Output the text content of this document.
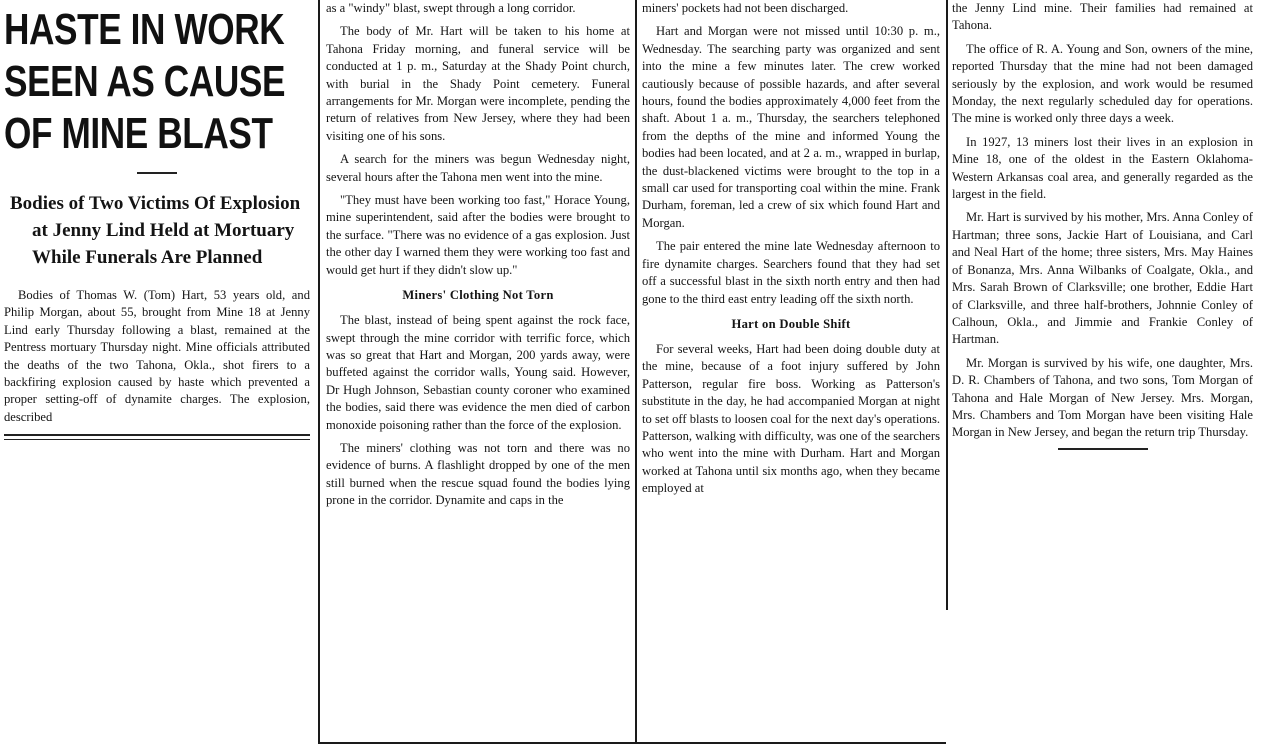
HASTE IN WORK SEEN AS CAUSE OF MINE BLAST
Bodies of Two Victims Of Explosion at Jenny Lind Held at Mortuary While Funerals Are Planned

Bodies of Thomas W. (Tom) Hart, 53 years old, and Philip Morgan, about 55, brought from Mine 18 at Jenny Lind early Thursday following a blast, remained at the Pentress mortuary Thursday night. Mine officials attributed the deaths of the two Tahona, Okla., shot firers to a backfiring explosion caused by haste which prevented a proper setting-off of dynamite charges. The explosion, described

as a "windy" blast, swept through a long corridor.

The body of Mr. Hart will be taken to his home at Tahona Friday morning, and funeral service will be conducted at 1 p. m., Saturday at the Shady Point church, with burial in the Shady Point cemetery. Funeral arrangements for Mr. Morgan were incomplete, pending the return of relatives from New Jersey, where they had been visiting one of his sons.

A search for the miners was begun Wednesday night, several hours after the Tahona men went into the mine.

"They must have been working too fast," Horace Young, mine superintendent, said after the bodies were brought to the surface. "There was no evidence of a gas explosion. Just the other day I warned them they were working too fast and would get hurt if they didn't slow up."

Miners' Clothing Not Torn

The blast, instead of being spent against the rock face, swept through the mine corridor with terrific force, which was so great that Hart and Morgan, 200 yards away, were buffeted against the corridor walls, Young said. However, Dr Hugh Johnson, Sebastian county coroner who examined the bodies, said there was evidence the men died of carbon monoxide poisoning rather than the force of the explosion.

The miners' clothing was not torn and there was no evidence of burns. A flashlight dropped by one of the men still burned when the rescue squad found the bodies lying prone in the corridor. Dynamite and caps in the

miners' pockets had not been discharged.

Hart and Morgan were not missed until 10:30 p. m., Wednesday. The searching party was organized and sent into the mine a few minutes later. The crew worked cautiously because of possible hazards, and after several hours, found the bodies approximately 4,000 feet from the shaft. About 1 a. m., Thursday, the searchers telephoned from the depths of the mine and informed Young the bodies had been located, and at 2 a. m., wrapped in burlap, the dust-blackened victims were brought to the top in a small car used for transporting coal within the mine. Frank Durham, foreman, led a crew of six which found Hart and Morgan.

The pair entered the mine late Wednesday afternoon to fire dynamite charges. Searchers found that they had set off a successful blast in the sixth north entry and then had gone to the third east entry leading off the sixth north.

Hart on Double Shift

For several weeks, Hart had been doing double duty at the mine, because of a foot injury suffered by John Patterson, regular fire boss. Working as Patterson's substitute in the day, he had accompanied Morgan at night to set off blasts to loosen coal for the next day's operations. Patterson, walking with difficulty, was one of the searchers who went into the mine with Durham. Hart and Morgan worked at Tahona until six months ago, when they became employed at

the Jenny Lind mine. Their families had remained at Tahona.

The office of R. A. Young and Son, owners of the mine, reported Thursday that the mine had not been damaged seriously by the explosion, and work would be resumed Monday, the next regularly scheduled day for operations. The mine is worked only three days a week.

In 1927, 13 miners lost their lives in an explosion in Mine 18, one of the oldest in the Eastern Oklahoma-Western Arkansas coal area, and generally regarded as the largest in the field.

Mr. Hart is survived by his mother, Mrs. Anna Conley of Hartman; three sons, Jackie Hart of Louisiana, and Carl and Neal Hart of the home; three sisters, Mrs. May Haines of Bonanza, Mrs. Anna Wilbanks of Coalgate, Okla., and Mrs. Sarah Brown of Clarksville; one brother, Eddie Hart of Clarksville, and three half-brothers, Johnnie Conley of Calhoun, Okla., and Jimmie and Frankie Conley of Hartman.

Mr. Morgan is survived by his wife, one daughter, Mrs. D. R. Chambers of Tahona, and two sons, Tom Morgan of Tahona and Hale Morgan of New Jersey. Mrs. Morgan, Mrs. Chambers and Tom Morgan have been visiting Hale Morgan in New Jersey, and began the return trip Thursday.
